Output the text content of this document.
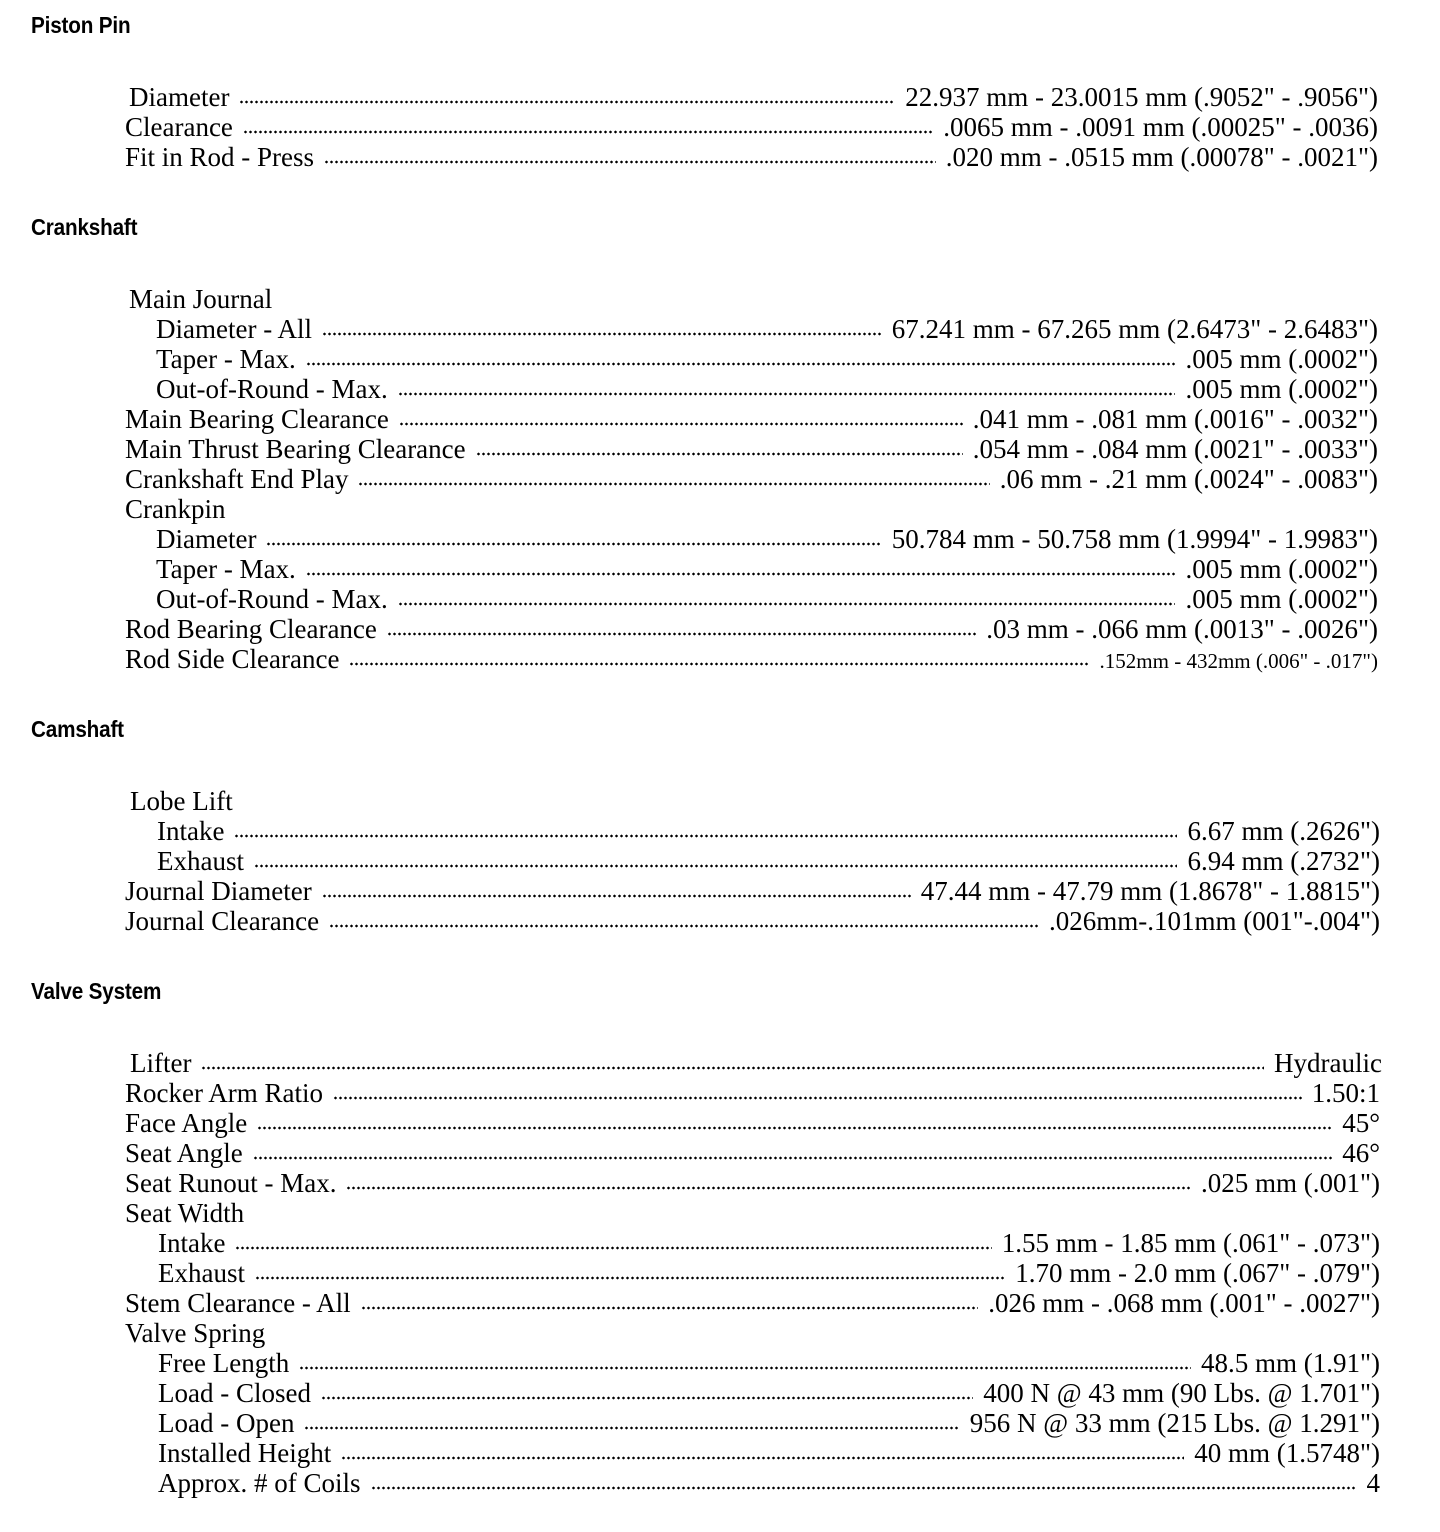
Piston Pin
Diameter	22.937 mm - 23.0015 mm (.9052" - .9056")
Clearance	.0065 mm - .0091 mm (.00025" - .0036)
Fit in Rod - Press	.020 mm - .0515 mm (.00078" - .0021")
Crankshaft
Main Journal
Diameter - All	67.241 mm - 67.265 mm (2.6473" - 2.6483")
Taper - Max.	.005 mm (.0002")
Out-of-Round - Max.	.005 mm (.0002")
Main Bearing Clearance	.041 mm - .081 mm (.0016" - .0032")
Main Thrust Bearing Clearance	.054 mm - .084 mm (.0021" - .0033")
Crankshaft End Play	.06 mm - .21 mm (.0024" - .0083")
Crankpin
Diameter	50.784 mm - 50.758 mm (1.9994" - 1.9983")
Taper - Max.	.005 mm (.0002")
Out-of-Round - Max.	.005 mm (.0002")
Rod Bearing Clearance	.03 mm - .066 mm (.0013" - .0026")
Rod Side Clearance	.152mm - 432mm (.006" - .017")
Camshaft
Lobe Lift
Intake	6.67 mm (.2626")
Exhaust	6.94 mm (.2732")
Journal Diameter	47.44 mm - 47.79 mm (1.8678" - 1.8815")
Journal Clearance	.026mm-.101mm (001"-.004")
Valve System
Lifter	Hydraulic
Rocker Arm Ratio	1.50:1
Face Angle	45°
Seat Angle	46°
Seat Runout - Max.	.025 mm (.001")
Seat Width
Intake	1.55 mm - 1.85 mm (.061" - .073")
Exhaust	1.70 mm - 2.0 mm (.067" - .079")
Stem Clearance - All	.026 mm - .068 mm (.001" - .0027")
Valve Spring
Free Length	48.5 mm (1.91")
Load - Closed	400 N @ 43 mm (90 Lbs. @ 1.701")
Load - Open	956 N @ 33 mm (215 Lbs. @ 1.291")
Installed Height	40 mm (1.5748")
Approx. # of Coils	4
